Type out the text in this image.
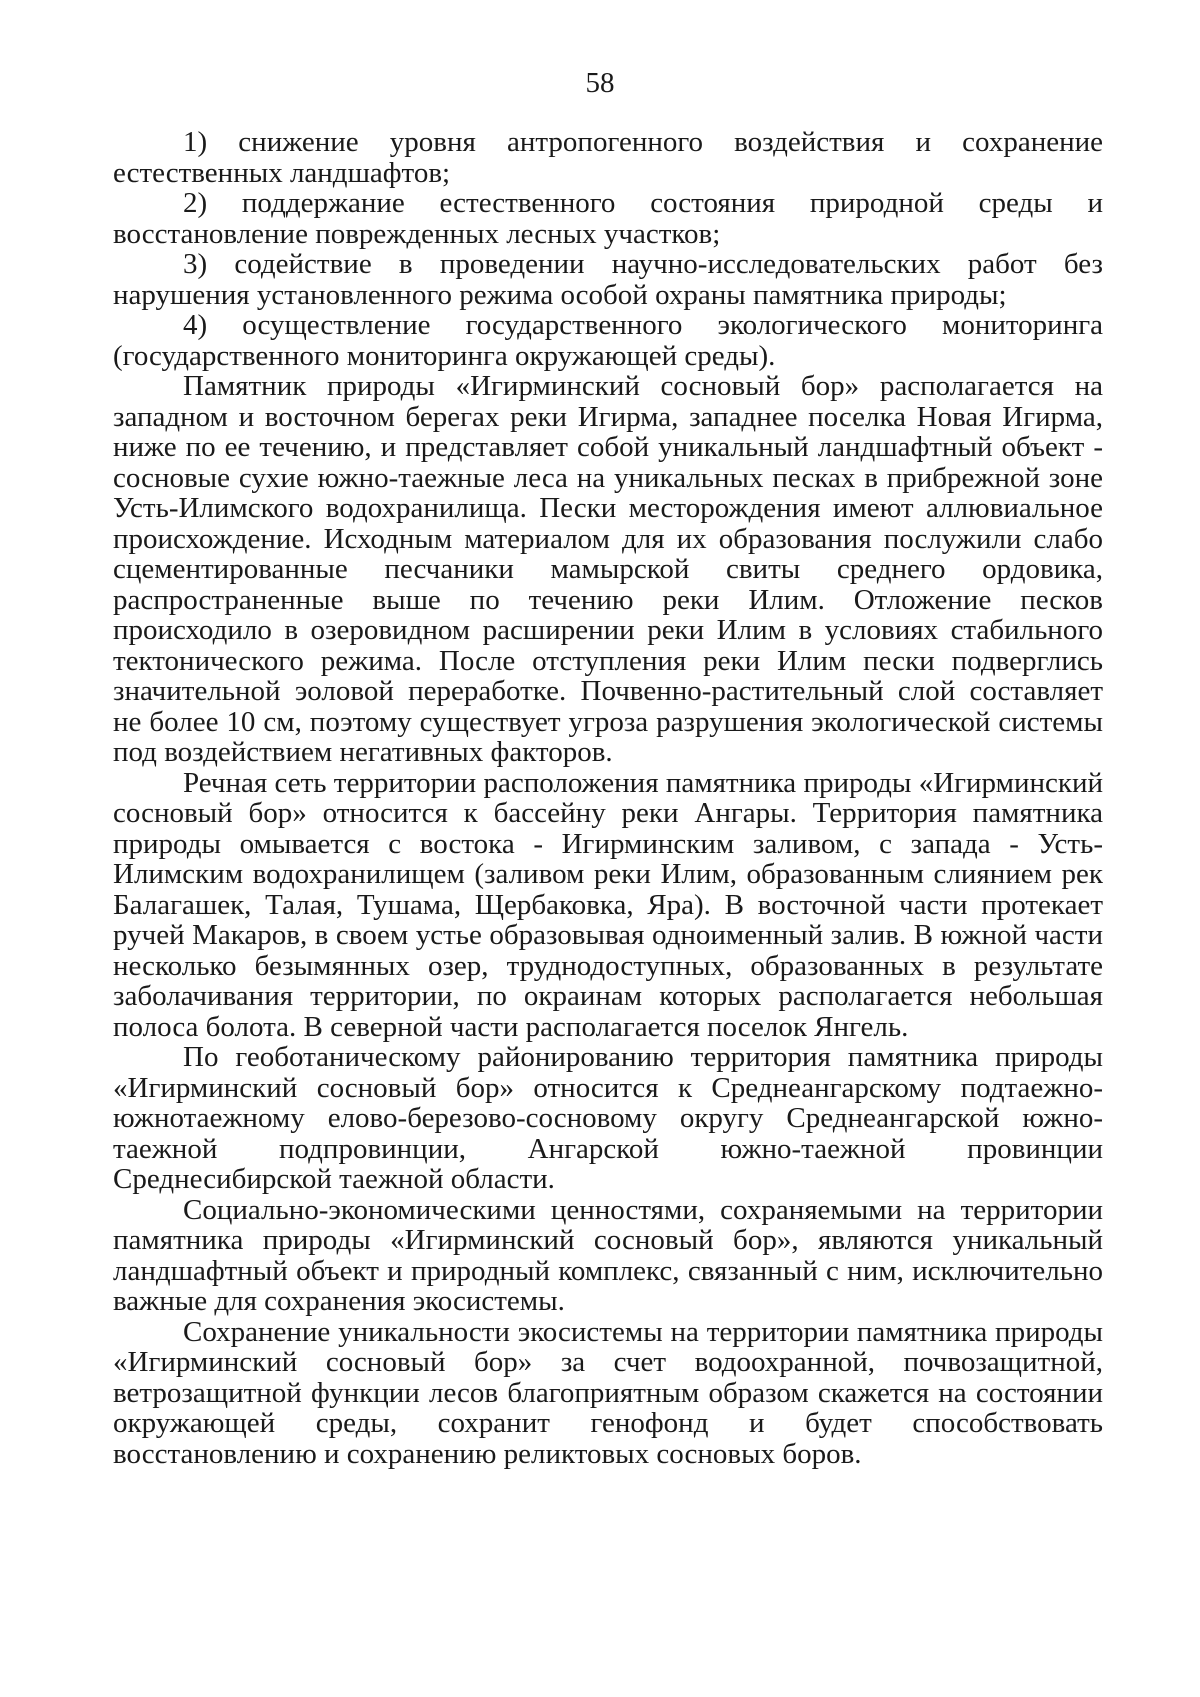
58

1) снижение уровня антропогенного воздействия и сохранение естественных ландшафтов;

2) поддержание естественного состояния природной среды и восстановление поврежденных лесных участков;

3) содействие в проведении научно-исследовательских работ без нарушения установленного режима особой охраны памятника природы;

4) осуществление государственного экологического мониторинга (государственного мониторинга окружающей среды).

Памятник природы «Игирминский сосновый бор» располагается на западном и восточном берегах реки Игирма, западнее поселка Новая Игирма, ниже по ее течению, и представляет собой уникальный ландшафтный объект - сосновые сухие южно-таежные леса на уникальных песках в прибрежной зоне Усть-Илимского водохранилища. Пески месторождения имеют аллювиальное происхождение. Исходным материалом для их образования послужили слабо сцементированные песчаники мамырской свиты среднего ордовика, распространенные выше по течению реки Илим. Отложение песков происходило в озеровидном расширении реки Илим в условиях стабильного тектонического режима. После отступления реки Илим пески подверглись значительной эоловой переработке. Почвенно-растительный слой составляет не более 10 см, поэтому существует угроза разрушения экологической системы под воздействием негативных факторов.

Речная сеть территории расположения памятника природы «Игирминский сосновый бор» относится к бассейну реки Ангары. Территория памятника природы омывается с востока - Игирминским заливом, с запада - Усть-Илимским водохранилищем (заливом реки Илим, образованным слиянием рек Балагашек, Талая, Тушама, Щербаковка, Яра). В восточной части протекает ручей Макаров, в своем устье образовывая одноименный залив. В южной части несколько безымянных озер, труднодоступных, образованных в результате заболачивания территории, по окраинам которых располагается небольшая полоса болота. В северной части располагается поселок Янгель.

По геоботаническому районированию территория памятника природы «Игирминский сосновый бор» относится к Среднеангарскому подтаежно-южнотаежному елово-березово-сосновому округу Среднеангарской южно-таежной подпровинции, Ангарской южно-таежной провинции Среднесибирской таежной области.

Социально-экономическими ценностями, сохраняемыми на территории памятника природы «Игирминский сосновый бор», являются уникальный ландшафтный объект и природный комплекс, связанный с ним, исключительно важные для сохранения экосистемы.

Сохранение уникальности экосистемы на территории памятника природы «Игирминский сосновый бор» за счет водоохранной, почвозащитной, ветрозащитной функции лесов благоприятным образом скажется на состоянии окружающей среды, сохранит генофонд и будет способствовать восстановлению и сохранению реликтовых сосновых боров.
